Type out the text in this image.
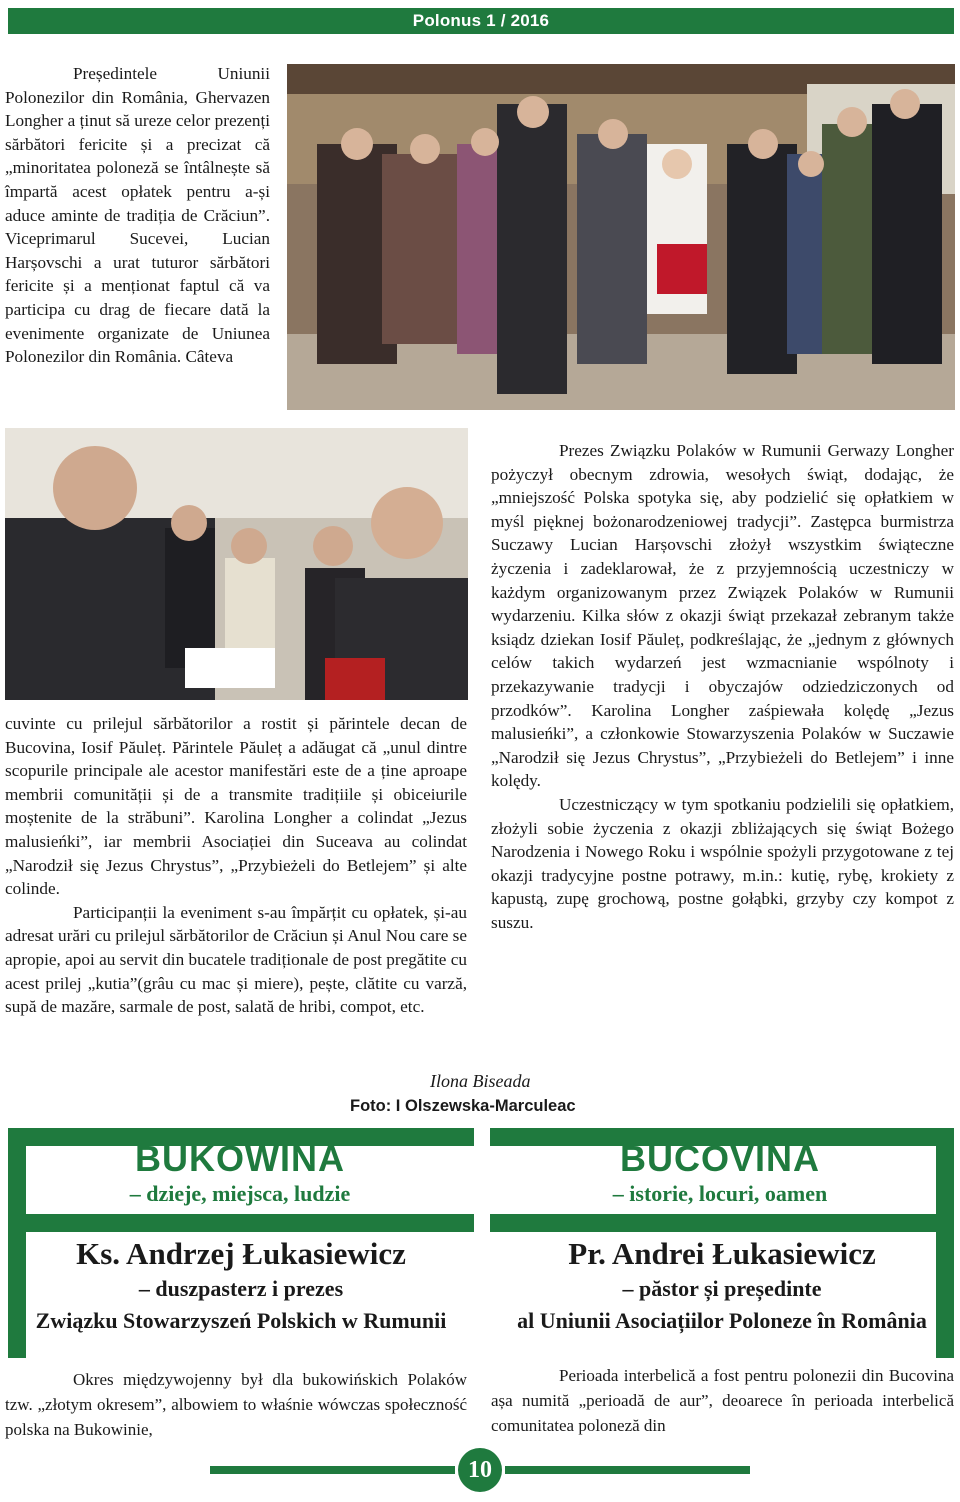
Polonus 1 / 2016

Președintele Uniunii Polonezilor din România, Ghervazen Longher a ținut să ureze celor prezenți sărbători fericite și a precizat că „minoritatea poloneză se întâlnește să împartă acest opłatek pentru a-și aduce aminte de tradiția de Crăciun”. Viceprimarul Sucevei, Lucian Harșovschi a urat tuturor sărbători fericite și a menționat faptul că va participa cu drag de fiecare dată la evenimente organizate de Uniunea Polonezilor din România. Câteva

cuvinte cu prilejul sărbătorilor a rostit și părintele decan de Bucovina, Iosif Păuleț. Părintele Păuleț a adăugat că „unul dintre scopurile principale ale acestor manifestări este de a ține aproape membrii comunității și de a transmite tradițiile și obiceiurile moștenite de la străbuni”. Karolina Longher a colindat „Jezus malusieńki”, iar membrii Asociației din Suceava au colindat „Narodził się Jezus Chrystus”, „Przybieżeli do Betlejem” și alte colinde.

Participanții la eveniment s-au împărțit cu opłatek, și-au adresat urări cu prilejul sărbătorilor de Crăciun și Anul Nou care se apropie, apoi au servit din bucatele tradiționale de post pregătite cu acest prilej „kutia”(grâu cu mac și miere), pește, clătite cu varză, supă de mazăre, sarmale de post, salată de hribi, compot, etc.

Prezes Związku Polaków w Rumunii Gerwazy Longher pożyczył obecnym zdrowia, wesołych świąt, dodając, że „mniejszość Polska spotyka się, aby podzielić się opłatkiem w myśl pięknej bożonarodzeniowej tradycji”. Zastępca burmistrza Suczawy Lucian Harșovschi złożył wszystkim świąteczne życzenia i zadeklarował, że z przyjemnością uczestniczy w każdym organizowanym przez Związek Polaków w Rumunii wydarzeniu. Kilka słów z okazji świąt przekazał zebranym także ksiądz dziekan Iosif Păuleț, podkreślając, że „jednym z głównych celów takich wydarzeń jest wzmacnianie wspólnoty i przekazywanie tradycji i obyczajów odziedziczonych od przodków”. Karolina Longher zaśpiewała kolędę „Jezus malusieńki”, a członkowie Stowarzyszenia Polaków w Suczawie „Narodził się Jezus Chrystus”, „Przybieżeli do Betlejem” i inne kolędy.

Uczestniczący w tym spotkaniu podzielili się opłatkiem, złożyli sobie życzenia z okazji zbliżających się świąt Bożego Narodzenia i Nowego Roku i wspólnie spożyli przygotowane z tej okazji tradycyjne postne potrawy, m.in.: kutię, rybę, krokiety z kapustą, zupę grochową, postne gołąbki, grzyby czy kompot z suszu.

Ilona Biseada
Foto: I Olszewska-Marculeac
BUKOWINA
– dzieje, miejsca, ludzie
Ks. Andrzej Łukasiewicz
– duszpasterz i prezes
Związku Stowarzyszeń Polskich w Rumunii
BUCOVINA
– istorie, locuri, oamen
Pr. Andrei Łukasiewicz
– păstor și președinte
al Uniunii Asociațiilor Poloneze în România

Okres międzywojenny był dla bukowińskich Polaków tzw. „złotym okresem”, albowiem to właśnie wówczas społeczność polska na Bukowinie,

Perioada interbelică a fost pentru polonezii din Bucovina așa numită „perioadă de aur”, deoarece în perioada interbelică comunitatea poloneză din

10
